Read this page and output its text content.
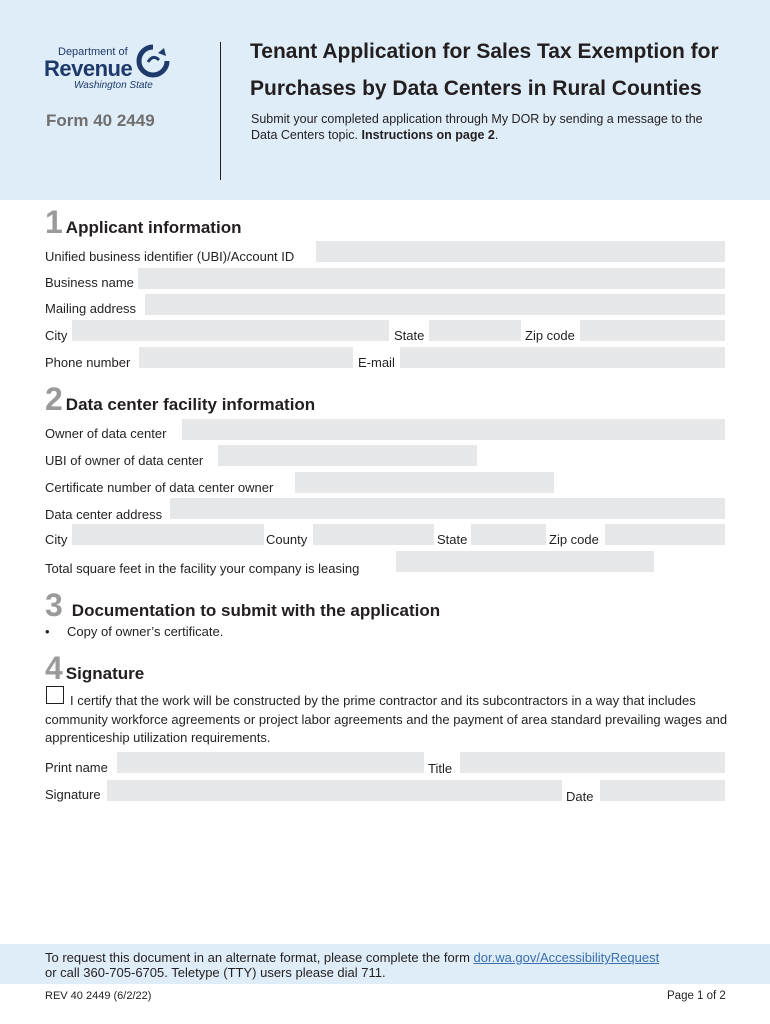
Department of
Revenue
Washington State
Form 40 2449
Tenant Application for Sales Tax Exemption for
Purchases by Data Centers in Rural Counties
Submit your completed application through My DOR by sending a message to the Data Centers topic. Instructions on page 2.
1 Applicant information
Unified business identifier (UBI)/Account ID
Business name
Mailing address
City	State	Zip code
Phone number	E-mail
2 Data center facility information
Owner of data center
UBI of owner of data center
Certificate number of data center owner
Data center address
City	County	State	Zip code
Total square feet in the facility your company is leasing
3 Documentation to submit with the application
• Copy of owner’s certificate.
4 Signature
I certify that the work will be constructed by the prime contractor and its subcontractors in a way that includes community workforce agreements or project labor agreements and the payment of area standard prevailing wages and apprenticeship utilization requirements.
Print name	Title
Signature	Date
To request this document in an alternate format, please complete the form dor.wa.gov/AccessibilityRequest
or call 360-705-6705. Teletype (TTY) users please dial 711.
REV 40 2449 (6/2/22)	Page 1 of 2
